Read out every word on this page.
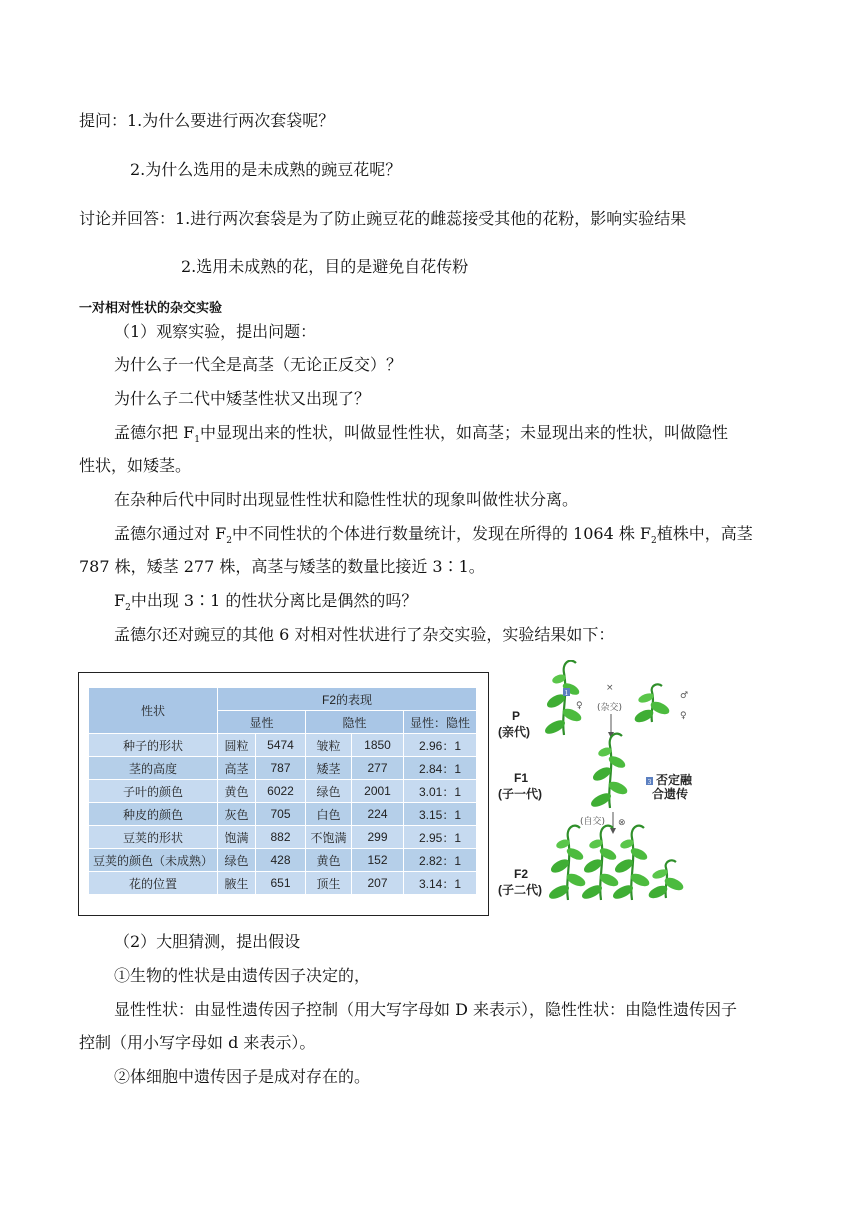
提问：1.为什么要进行两次套袋呢？
2.为什么选用的是未成熟的豌豆花呢？
讨论并回答：1.进行两次套袋是为了防止豌豆花的雌蕊接受其他的花粉，影响实验结果
2.选用未成熟的花，目的是避免自花传粉
一对相对性状的杂交实验
（1）观察实验，提出问题：
为什么子一代全是高茎（无论正反交）？
为什么子二代中矮茎性状又出现了？
孟德尔把 $F_1$中显现出来的性状，叫做显性性状，如高茎；未显现出来的性状，叫做隐性
性状，如矮茎。
在杂种后代中同时出现显性性状和隐性性状的现象叫做性状分离。
孟德尔通过对 $F_2$中不同性状的个体进行数量统计，发现在所得的 1064 株 $F_2$植株中，高茎
787 株，矮茎 277 株，高茎与矮茎的数量比接近 3∶1。
$F_2$中出现 3∶1 的性状分离比是偶然的吗？
孟德尔还对豌豆的其他 6 对相对性状进行了杂交实验，实验结果如下：
性状	F2的表现				
	显性		隐性		显性：隐性
种子的形状	圆粒	5474	皱粒	1850	2.96：1
茎的高度	高茎	787	矮茎	277	2.84：1
子叶的颜色	黄色	6022	绿色	2001	3.01：1
种皮的颜色	灰色	705	白色	224	3.15：1
豆荚的形状	饱满	882	不饱满	299	2.95：1
豆荚的颜色（未成熟）	绿色	428	黄色	152	2.82：1
花的位置	腋生	651	顶生	207	3.14：1
1
♀
×
(杂交)
♂
♀
P
(亲代)
F1
(子一代)
3 否定融
合遗传
(自交) ⊗
F2
(子二代)
（2）大胆猜测，提出假设
①生物的性状是由遗传因子决定的，
显性性状：由显性遗传因子控制（用大写字母如 D 来表示），隐性性状：由隐性遗传因子
控制（用小写字母如 d 来表示）。
②体细胞中遗传因子是成对存在的。
